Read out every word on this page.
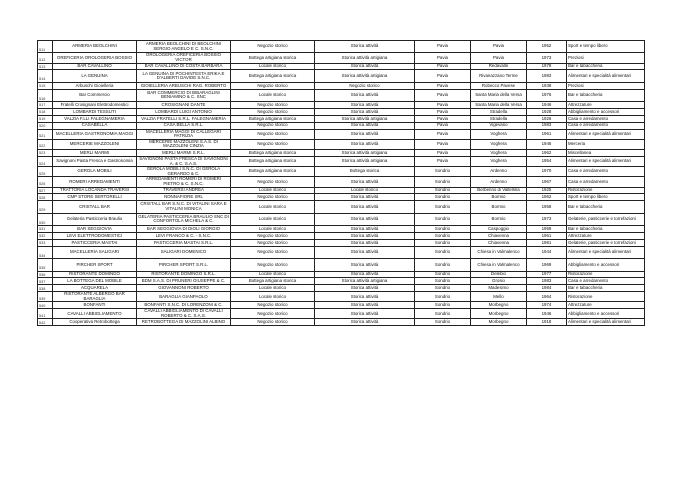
511	ARMERIA BEOLCHINI	ARMERIA BEOLCHINI DI BEOLCHINI SERGIO ANGELO E C. S.N.C.	Negozio storico	Storica attività	Pavia	Pavia	1952	Sport e tempo libero
512	OREFICERIA OROLOGERIA BOSSIO	OROLOGERIA OREFICERIA BOSSIO VICTOR	Bottega artigiana storica	Storica attività artigiana	Pavia	Pavia	1973	Preziosi
513	BAR CAVALLINO	BAR CAVALLINO DI COSTA BARBARA	Locale storico	Storica attività	Pavia	Redavalle	1978	Bar e tabaccheria
514	LA GENUINA	LA GENUINA DI POCHINTESTA ERIKA E D'ALBERTI DAVIDE S.N.C.	Bottega artigiana storica	Storica attività artigiana	Pavia	Rivanazzano Terme	1983	Alimentari e specialità alimentari
515	Arbuschi Gioielleria	GIOIELLERIA ARBUSCHI RAG. ROBERTO	Negozio storico	Negozio storico	Pavia	Robecco Pavese	1938	Preziosi
516	Bar Commercio	BAR COMMERCIO DI BIBARAGLINI BENIAMINO & C. SNC	Locale storico	Storica attività	Pavia	Santa Maria della Versa	1976	Bar e tabaccheria
517	Fratelli Crosignani Elettrodomestici	CROSIGNANI DANTE	Negozio storico	Storica attività	Pavia	Santa Maria della Versa	1946	Attrezzature
518	LOMBARDI TESSUTI	LOMBARDI LUIGI ANTONIO	Negozio storico	Storica attività	Pavia	Stradella	1928	Abbigliamento e accessori
519	VALZIA F.LLI FALEGNAMERIA	VALZIA FRATELLI S.R.L. FALEGNAMERIA	Bottega artigiana storica	Storica attività artigiana	Pavia	Stradella	1926	Casa e arredamento
520	CASABELLA	CASA BELLA S.R.L.	Negozio storico	Storica attività	Pavia	Vigevano	1983	Casa e arredamento
521	MACELLERIA GASTRONOMIA MAGGI	MACELLERIA MAGGI DI CALLEGARI PATRIZIA	Negozio storico	Storica attività	Pavia	Voghera	1961	Alimentari e specialità alimentari
522	MERCERIE MAZZOLENI	MERCERIE MAZZOLENI S.A.S. DI MAZZOLENI CINZIA	Negozio storico	Storica attività	Pavia	Voghera	1946	Merceria
523	MERLI MARMI	MERLI MARMI S.R.L.	Bottega artigiana storica	Storica attività artigiana	Pavia	Voghera	1962	Miscellanea
524	Savignoni Pasta Fresca e Gastronomia	SAVIGNONI PASTA FRESCA DI SAVIGNONI A. & C. S.A.S.	Bottega artigiana storica	Storica attività artigiana	Pavia	Voghera	1954	Alimentari e specialità alimentari
525	GEROLA MOBILI	GEROLA MOBILI S.N.C. DI GEROLA GERARDO & C.	Bottega artigiana storica	Bottega storica	Sondrio	Ardenno	1970	Casa e arredamento
526	ROMERI ARREDAMENTI	ARREDAMENTI ROMERI DI ROMERI PIETRO & C. S.N.C.	Negozio storico	Storica attività	Sondrio	Ardenno	1967	Casa e arredamento
527	TRATTORIA LOCANDA TRAVERSI	TRAVERSI ANDREA	Locale storico	Locale storico	Sondrio	Berbenno di Valtellina	1925	Ristorazione
528	CMP STORE SERTORELLI	NONNAFIORE SRL	Negozio storico	Storica attività	Sondrio	Bormio	1962	Sport e tempo libero
529	CRISTALL BAR	CRISTALL BAR S.N.C. DI VITALINI SARA E VITALINI MONICA	Locale storico	Storica attività	Sondrio	Bormio	1958	Bar e tabaccheria
530	Gelateria Pasticceria Braulio	GELATERIA PASTICCERIA BRAULIO SNC DI CONFORTOLA MICHELA & C.	Locale storico	Storica attività	Sondrio	Bormio	1973	Gelaterie, pasticcerie e torrefazioni
531	BAR SEGGIOVIA	BAR SEGGIOVIA DI DIOLI GIORGIO	Locale storico	Storica attività	Sondrio	Caspoggio	1959	Bar e tabaccheria
532	LEVI ELETTRODOMESTICI	LEVI FRANCO & C. - S.N.C.	Negozio storico	Storica attività	Sondrio	Chiavenna	1961	Attrezzature
533	PASTICCERIA MASTAI	PASTICCERIA MASTAI S.R.L.	Negozio storico	Storica attività	Sondrio	Chiavenna	1981	Gelaterie, pasticcerie e torrefazioni
534	MACELLERIA SALIGARI	SALIGARI DOMENICO	Negozio storico	Storica attività	Sondrio	Chiesa in Valmalenco	1944	Alimentari e specialità alimentari
535	PIRCHER SPORT	PIRCHER SPORT S.R.L.	Negozio storico	Storica attività	Sondrio	Chiesa in Valmalenco	1969	Abbigliamento e accessori
536	RISTORANTE DOMINGO	RISTORANTE DOMINGO S.R.L.	Locale storico	Storica attività	Sondrio	Delebio	1977	Ristorazione
537	LA BOTTEGA DEL MOBILE	BDM S.A.S. DI PRUNERI GIUSEPPE & C.	Bottega artigiana storica	Storica attività artigiana	Sondrio	Grosio	1983	Casa e arredamento
538	ACQUARELA	GIOVANNONI ROBERTO	Locale storico	Storica attività	Sondrio	Madesimo	1984	Bar e tabaccheria
539	RISTORANTE ALBERGO BAR BARAGLIA	BARAGLIA GIANPAOLO	Locale storico	Storica attività	Sondrio	Mello	1964	Ristorazione
540	BONFANTI	BONFANTI S.N.C. DI LORENZONI & C.	Negozio storico	Storica attività	Sondrio	Morbegno	1974	Attrezzature
541	CAVALLI ABBIGLIAMENTO	CAVALLI ABBIGLIAMENTO DI CAVALLI ROBERTO & C. S.A.S.	Negozio storico	Storica attività	Sondrio	Morbegno	1946	Abbigliamento e accessori
542	Cooperativa Retrobottega	RETROBOTTEGA DI MAZZOLINI ALBINO	Negozio storico	Storica attività	Sondrio	Morbegno	1918	Alimentari e specialità alimentari
